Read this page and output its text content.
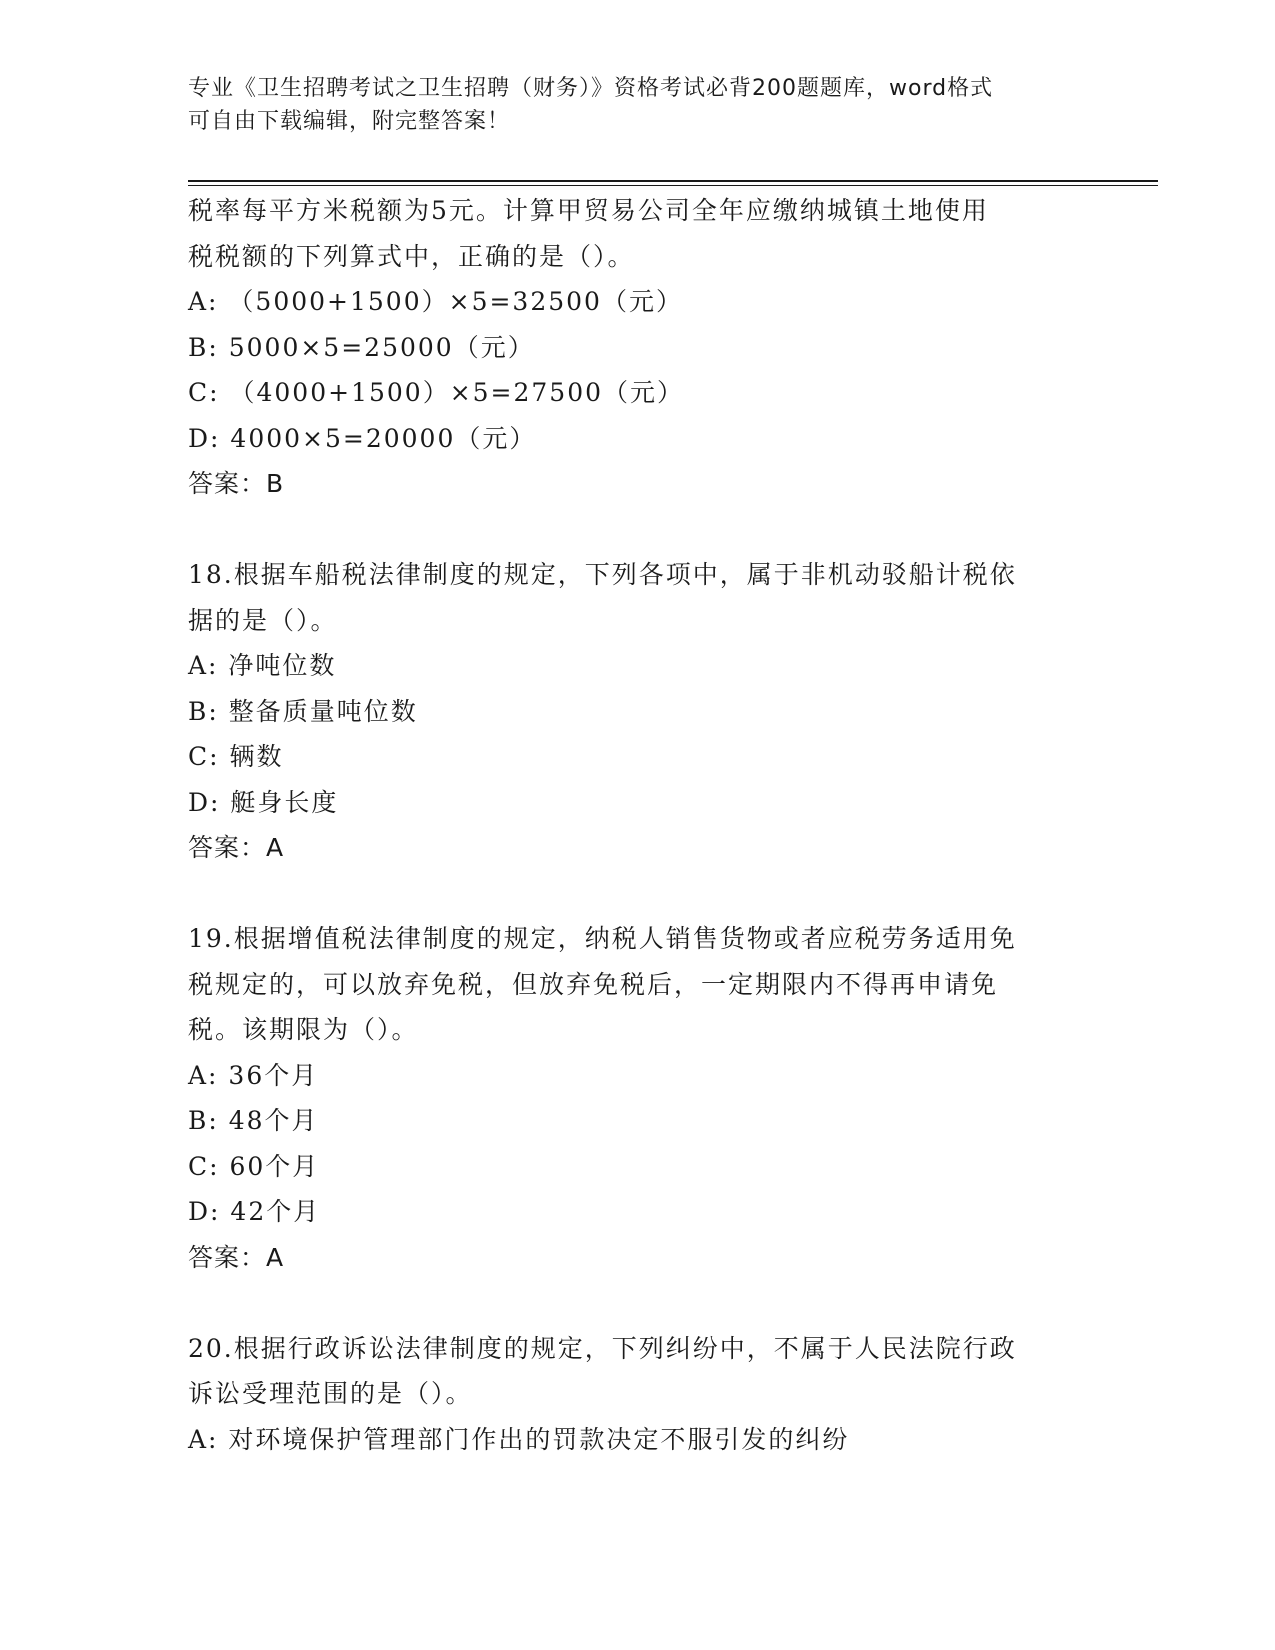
专业《卫生招聘考试之卫生招聘（财务）》资格考试必背200题题库，word格式
可自由下载编辑，附完整答案！
税率每平方米税额为5元。计算甲贸易公司全年应缴纳城镇土地使用
税税额的下列算式中，正确的是（）。
A: （5000+1500）×5=32500（元）
B: 5000×5=25000（元）
C: （4000+1500）×5=27500（元）
D: 4000×5=20000（元）
答案：B
18.根据车船税法律制度的规定，下列各项中，属于非机动驳船计税依
据的是（）。
A: 净吨位数
B: 整备质量吨位数
C: 辆数
D: 艇身长度
答案：A
19.根据增值税法律制度的规定，纳税人销售货物或者应税劳务适用免
税规定的，可以放弃免税，但放弃免税后，一定期限内不得再申请免
税。该期限为（）。
A: 36个月
B: 48个月
C: 60个月
D: 42个月
答案：A
20.根据行政诉讼法律制度的规定，下列纠纷中，不属于人民法院行政
诉讼受理范围的是（）。
A: 对环境保护管理部门作出的罚款决定不服引发的纠纷
